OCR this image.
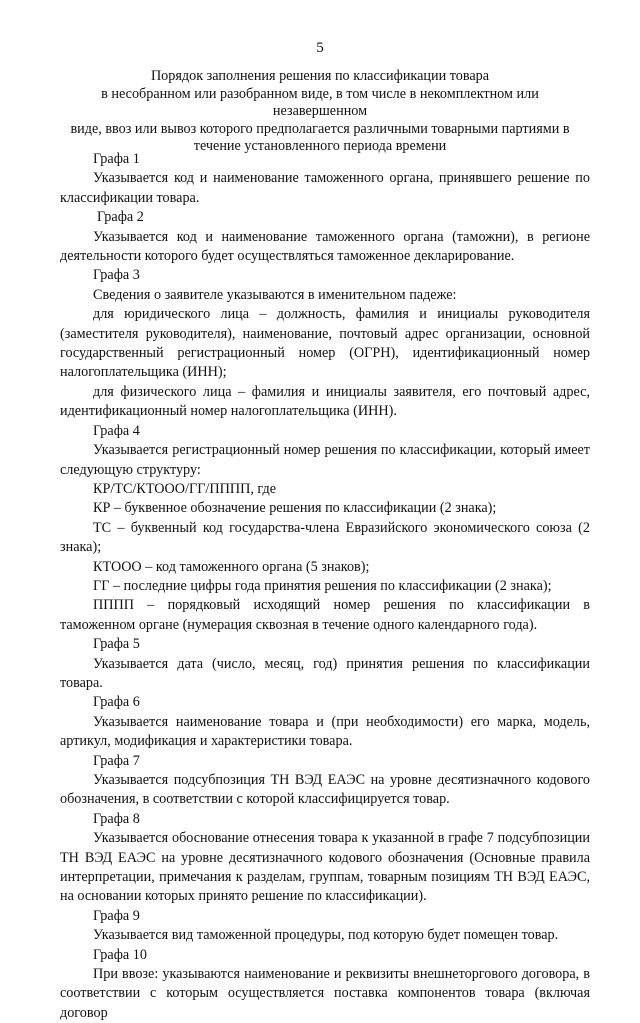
5
Порядок заполнения решения по классификации товара
в несобранном или разобранном виде, в том числе в некомплектном или незавершенном
виде, ввоз или вывоз которого предполагается различными товарными партиями в
течение установленного периода времени

Графа 1

Указывается код и наименование таможенного органа, принявшего решение по классификации товара.

Графа 2

Указывается код и наименование таможенного органа (таможни), в регионе деятельности которого будет осуществляться таможенное декларирование.

Графа 3

Сведения о заявителе указываются в именительном падеже:

для юридического лица – должность, фамилия и инициалы руководителя (заместителя руководителя), наименование, почтовый адрес организации, основной государственный регистрационный номер (ОГРН), идентификационный номер налогоплательщика (ИНН);

для физического лица – фамилия и инициалы заявителя, его почтовый адрес, идентификационный номер налогоплательщика (ИНН).

Графа 4

Указывается регистрационный номер решения по классификации, который имеет следующую структуру:

КР/ТС/КТООО/ГГ/ПППП, где

КР – буквенное обозначение решения по классификации (2 знака);

ТС – буквенный код государства-члена Евразийского экономического союза (2 знака);

КТООО – код таможенного органа (5 знаков);

ГГ – последние цифры года принятия решения по классификации (2 знака);

ПППП – порядковый исходящий номер решения по классификации в таможенном органе (нумерация сквозная в течение одного календарного года).

Графа 5

Указывается дата (число, месяц, год) принятия решения по классификации товара.

Графа 6

Указывается наименование товара и (при необходимости) его марка, модель, артикул, модификация и характеристики товара.

Графа 7

Указывается подсубпозиция ТН ВЭД ЕАЭС на уровне десятизначного кодового обозначения, в соответствии с которой классифицируется товар.

Графа 8

Указывается обоснование отнесения товара к указанной в графе 7 подсубпозиции ТН ВЭД ЕАЭС на уровне десятизначного кодового обозначения (Основные правила интерпретации, примечания к разделам, группам, товарным позициям ТН ВЭД ЕАЭС, на основании которых принято решение по классификации).

Графа 9

Указывается вид таможенной процедуры, под которую будет помещен товар.

Графа 10

При ввозе: указываются наименование и реквизиты внешнеторгового договора, в соответствии с которым осуществляется поставка компонентов товара (включая договор
